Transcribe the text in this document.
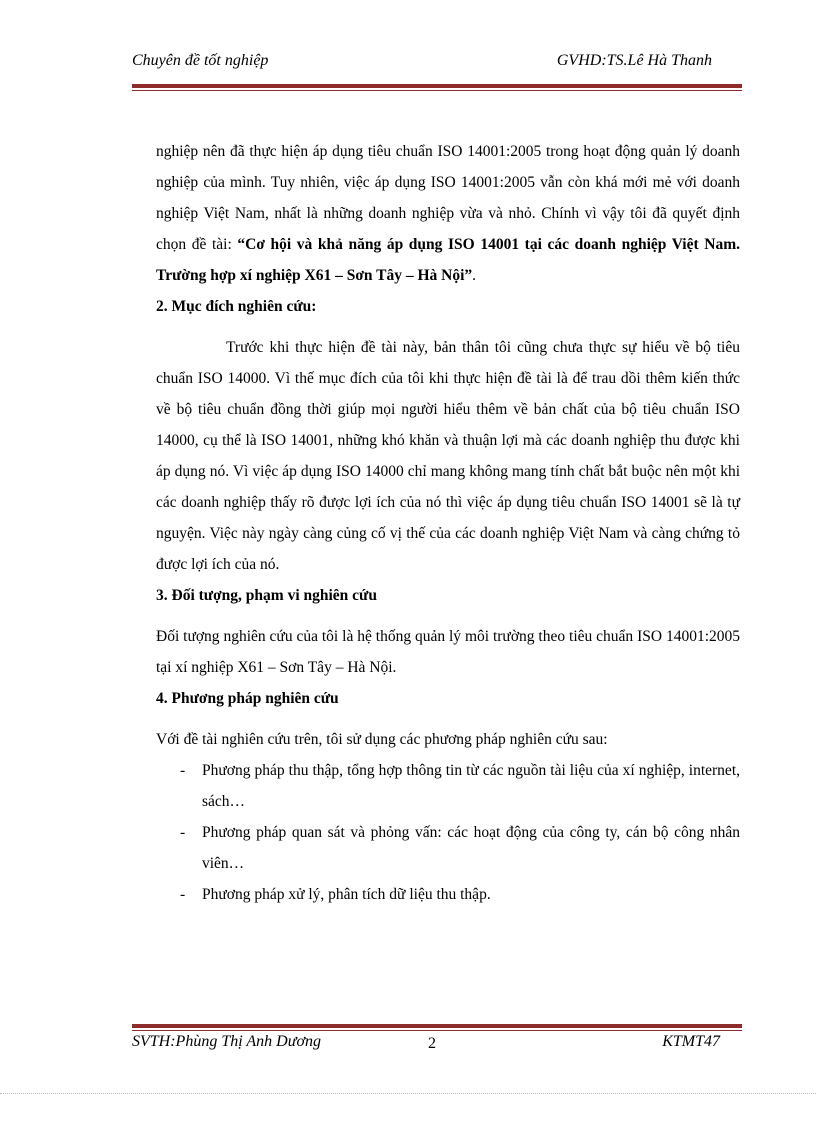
Chuyên đề tốt nghiệp	GVHD:TS.Lê Hà Thanh

nghiệp nên đã thực hiện áp dụng tiêu chuẩn ISO 14001:2005 trong hoạt động quản lý doanh nghiệp của mình. Tuy nhiên, việc áp dụng ISO 14001:2005 vẫn còn khá mới mẻ với doanh nghiệp Việt Nam, nhất là những doanh nghiệp vừa và nhỏ. Chính vì vậy tôi đã quyết định chọn đề tài: “Cơ hội và khả năng áp dụng ISO 14001 tại các doanh nghiệp Việt Nam. Trường hợp xí nghiệp X61 – Sơn Tây – Hà Nội”.

2. Mục đích nghiên cứu:

Trước khi thực hiện đề tài này, bản thân tôi cũng chưa thực sự hiểu về bộ tiêu chuẩn ISO 14000. Vì thế mục đích của tôi khi thực hiện đề tài là để trau dồi thêm kiến thức về bộ tiêu chuẩn đồng thời giúp mọi người hiểu thêm về bản chất của bộ tiêu chuẩn ISO 14000, cụ thể là ISO 14001, những khó khăn và thuận lợi mà các doanh nghiệp thu được khi áp dụng nó. Vì việc áp dụng ISO 14000 chỉ mang không mang tính chất bắt buộc nên một khi các doanh nghiệp thấy rõ được lợi ích của nó thì việc áp dụng tiêu chuẩn ISO 14001 sẽ là tự nguyện. Việc này ngày càng củng cố vị thế của các doanh nghiệp Việt Nam và càng chứng tỏ được lợi ích của nó.

3. Đối tượng, phạm vi nghiên cứu

Đối tượng nghiên cứu của tôi là hệ thống quản lý môi trường theo tiêu chuẩn ISO 14001:2005 tại xí nghiệp X61 – Sơn Tây – Hà Nội.

4. Phương pháp nghiên cứu

Với đề tài nghiên cứu trên, tôi sử dụng các phương pháp nghiên cứu sau:

- Phương pháp thu thập, tổng hợp thông tin từ các nguồn tài liệu của xí nghiệp, internet, sách…
- Phương pháp quan sát và phỏng vấn: các hoạt động của công ty, cán bộ công nhân viên…
- Phương pháp xử lý, phân tích dữ liệu thu thập.
SVTH:Phùng Thị Anh Dương	2	KTMT47
